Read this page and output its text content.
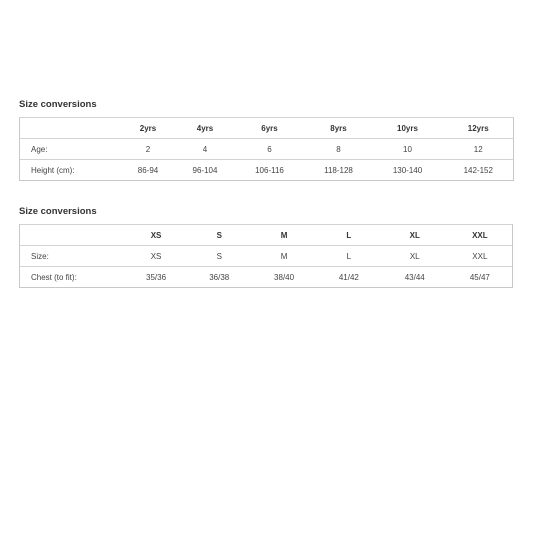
Size conversions
	2yrs	4yrs	6yrs	8yrs	10yrs	12yrs
Age:	2	4	6	8	10	12
Height (cm):	86-94	96-104	106-116	118-128	130-140	142-152
Size conversions
	XS	S	M	L	XL	XXL
Size:	XS	S	M	L	XL	XXL
Chest (to fit):	35/36	36/38	38/40	41/42	43/44	45/47
